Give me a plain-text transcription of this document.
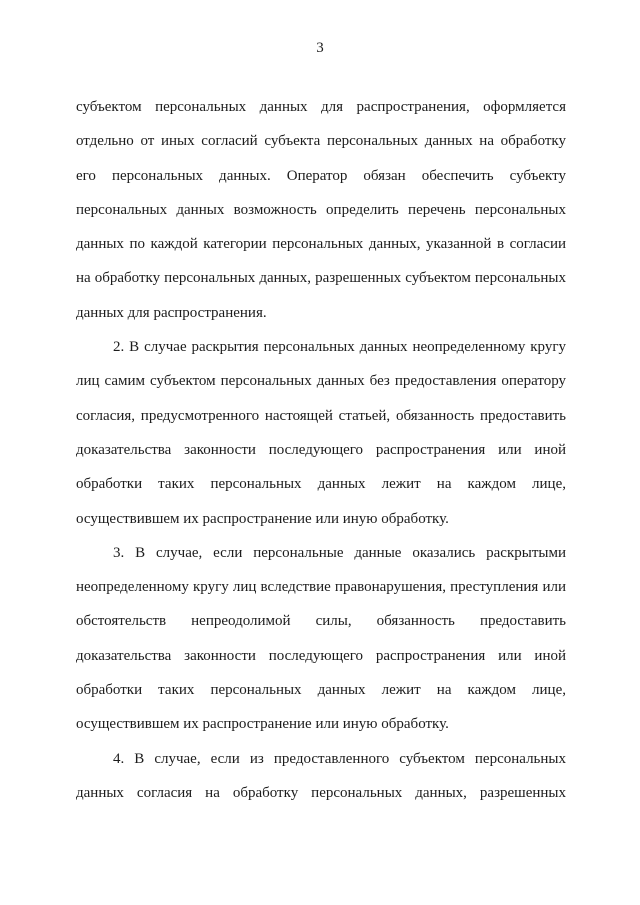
3

субъектом персональных данных для распространения, оформляется отдельно от иных согласий субъекта персональных данных на обработку его персональных данных. Оператор обязан обеспечить субъекту персональных данных возможность определить перечень персональных данных по каждой категории персональных данных, указанной в согласии на обработку персональных данных, разрешенных субъектом персональных данных для распространения.

2. В случае раскрытия персональных данных неопределенному кругу лиц самим субъектом персональных данных без предоставления оператору согласия, предусмотренного настоящей статьей, обязанность предоставить доказательства законности последующего распространения или иной обработки таких персональных данных лежит на каждом лице, осуществившем их распространение или иную обработку.

3. В случае, если персональные данные оказались раскрытыми неопределенному кругу лиц вследствие правонарушения, преступления или обстоятельств непреодолимой силы, обязанность предоставить доказательства законности последующего распространения или иной обработки таких персональных данных лежит на каждом лице, осуществившем их распространение или иную обработку.

4. В случае, если из предоставленного субъектом персональных данных согласия на обработку персональных данных, разрешенных
